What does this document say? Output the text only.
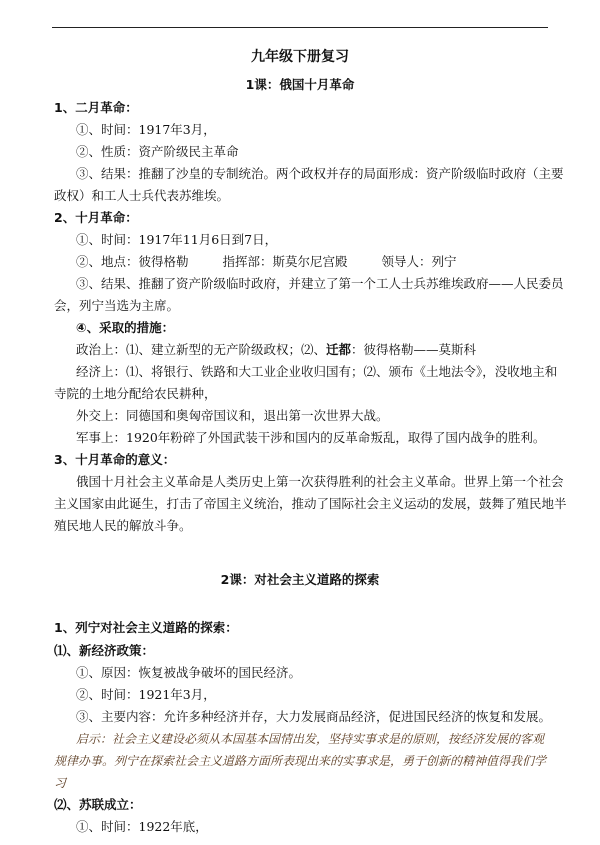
九年级下册复习
1课：俄国十月革命
1、二月革命：
①、时间：1917年3月，
②、性质：资产阶级民主革命
③、结果：推翻了沙皇的专制统治。两个政权并存的局面形成：资产阶级临时政府（主要
政权）和工人士兵代表苏维埃。
2、十月革命：
①、时间：1917年11月6日到7日，
②、地点：彼得格勒	指挥部：斯莫尔尼宫殿	领导人：列宁
③、结果、推翻了资产阶级临时政府，并建立了第一个工人士兵苏维埃政府——人民委员
会，列宁当选为主席。
④、采取的措施：
政治上：⑴、建立新型的无产阶级政权；⑵、迁都：彼得格勒——莫斯科
经济上：⑴、将银行、铁路和大工业企业收归国有；⑵、颁布《土地法令》，没收地主和
寺院的土地分配给农民耕种，
外交上：同德国和奥匈帝国议和，退出第一次世界大战。
军事上：1920年粉碎了外国武装干涉和国内的反革命叛乱，取得了国内战争的胜利。
3、十月革命的意义：
俄国十月社会主义革命是人类历史上第一次获得胜利的社会主义革命。世界上第一个社会
主义国家由此诞生，打击了帝国主义统治，推动了国际社会主义运动的发展，鼓舞了殖民地半
殖民地人民的解放斗争。
2课：对社会主义道路的探索
1、列宁对社会主义道路的探索：
⑴、新经济政策：
①、原因：恢复被战争破坏的国民经济。
②、时间：1921年3月，
③、主要内容：允许多种经济并存，大力发展商品经济，促进国民经济的恢复和发展。
启示：社会主义建设必须从本国基本国情出发，坚持实事求是的原则，按经济发展的客观
规律办事。列宁在探索社会主义道路方面所表现出来的实事求是，勇于创新的精神值得我们学
习
⑵、苏联成立：
①、时间：1922年底，
